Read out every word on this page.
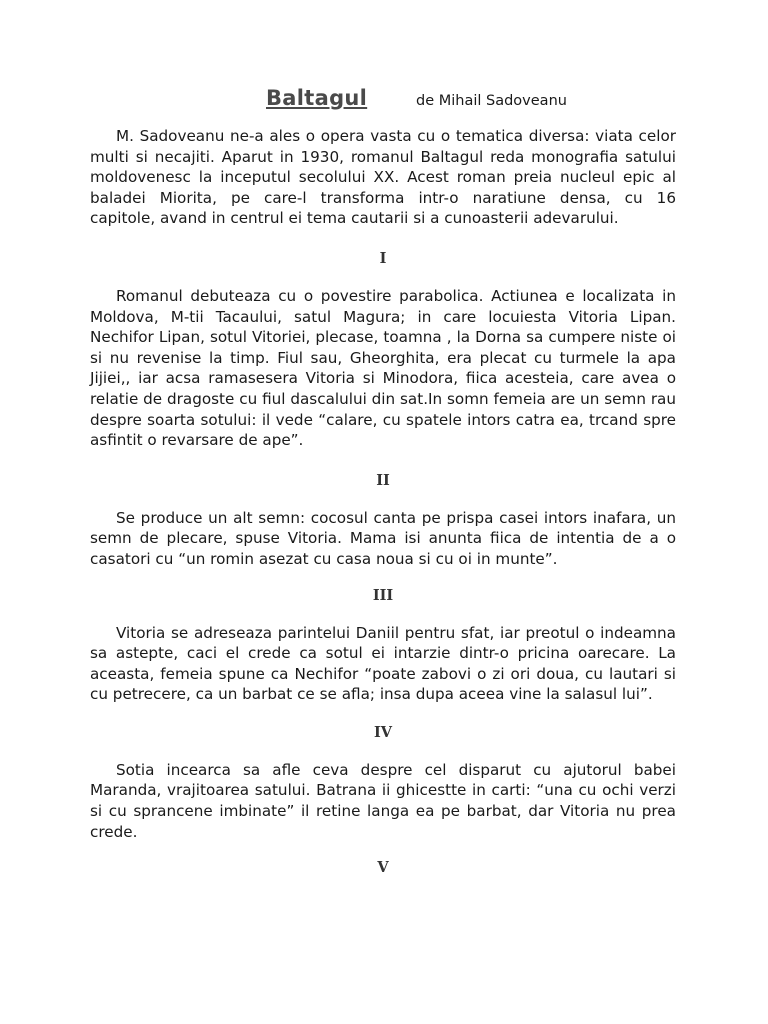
Baltagul	de Mihail Sadoveanu

M. Sadoveanu ne-a ales o opera vasta cu o tematica diversa: viata celor multi si necajiti. Aparut in 1930, romanul Baltagul reda monografia satului moldovenesc la inceputul secolului XX. Acest roman preia nucleul epic al baladei Miorita, pe care-l transforma intr-o naratiune densa, cu 16        capitole, avand in centrul ei tema cautarii si a cunoasterii adevarului.

I

Romanul debuteaza cu o povestire parabolica. Actiunea e localizata in Moldova, M-tii Tacaului, satul Magura; in care locuiesta Vitoria Lipan. Nechifor Lipan, sotul Vitoriei, plecase, toamna , la Dorna sa cumpere niste oi si nu revenise la timp. Fiul sau, Gheorghita, era plecat cu turmele la apa Jijiei,, iar acsa ramasesera Vitoria si Minodora, fiica acesteia, care avea o relatie de dragoste cu fiul dascalului din sat.In somn femeia are un semn rau despre soarta sotului: il vede “calare, cu spatele intors catra ea, trcand spre asfintit o revarsare de ape”.

II

Se produce un alt semn: cocosul canta pe prispa casei intors inafara, un semn de plecare, spuse Vitoria. Mama isi anunta fiica de intentia de a o casatori cu “un romin asezat cu casa noua si cu oi in munte”.

III

Vitoria se adreseaza parintelui Daniil pentru sfat, iar preotul o indeamna sa astepte, caci el crede ca sotul ei intarzie dintr-o pricina oarecare. La aceasta, femeia spune ca Nechifor “poate zabovi o zi ori doua, cu lautari si cu petrecere, ca un barbat ce se afla; insa dupa aceea vine la salasul lui”.

IV

Sotia incearca sa afle ceva despre cel disparut cu ajutorul babei Maranda, vrajitoarea satului. Batrana ii ghicestte in carti: “una cu ochi verzi si cu sprancene imbinate” il retine langa ea pe barbat, dar Vitoria nu prea crede.

V
